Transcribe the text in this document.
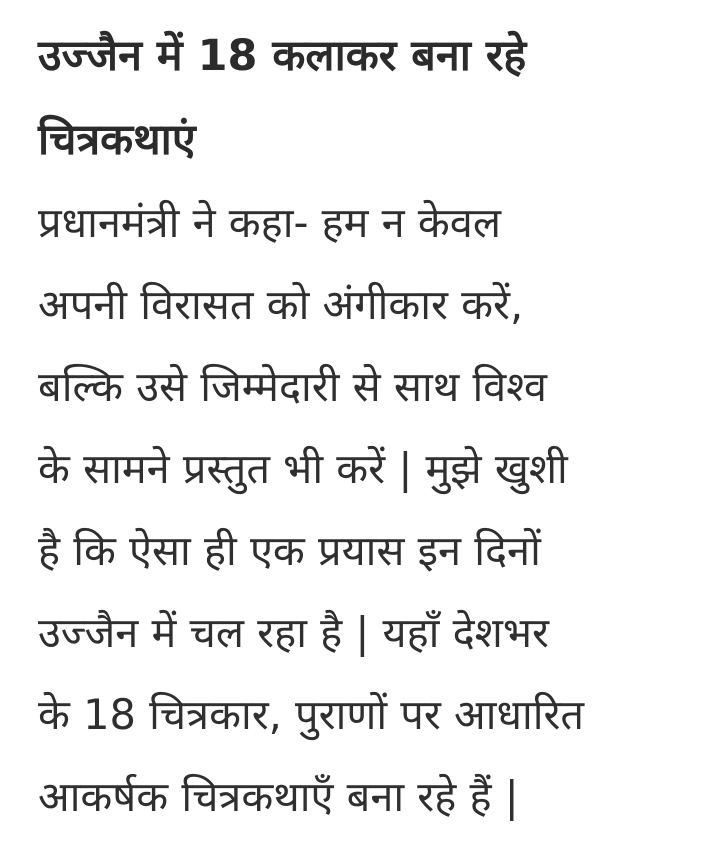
उज्जैन में 18 कलाकर बना रहे
चित्रकथाएं

प्रधानमंत्री ने कहा- हम न केवल
अपनी विरासत को अंगीकार करें,
बल्कि उसे जिम्मेदारी से साथ विश्व
के सामने प्रस्तुत भी करें | मुझे खुशी
है कि ऐसा ही एक प्रयास इन दिनों
उज्जैन में चल रहा है | यहाँ देशभर
के 18 चित्रकार, पुराणों पर आधारित
आकर्षक चित्रकथाएँ बना रहे हैं |
